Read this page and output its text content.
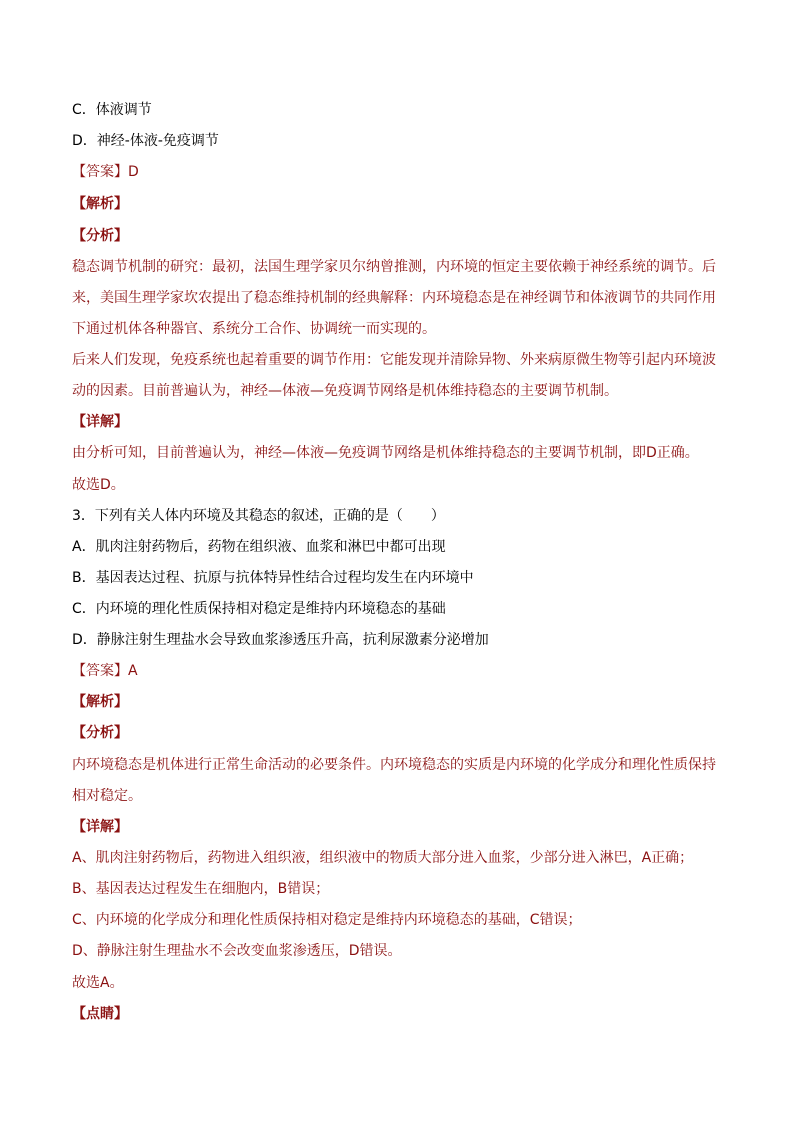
C．体液调节
D．神经-体液-免疫调节
【答案】D
【解析】
【分析】
稳态调节机制的研究：最初，法国生理学家贝尔纳曾推测，内环境的恒定主要依赖于神经系统的调节。后
来，美国生理学家坎农提出了稳态维持机制的经典解释：内环境稳态是在神经调节和体液调节的共同作用
下通过机体各种器官、系统分工合作、协调统一而实现的。
后来人们发现，免疫系统也起着重要的调节作用：它能发现并清除异物、外来病原微生物等引起内环境波
动的因素。目前普遍认为，神经—体液—免疫调节网络是机体维持稳态的主要调节机制。
【详解】
由分析可知，目前普遍认为，神经—体液—免疫调节网络是机体维持稳态的主要调节机制，即D正确。
故选D。
3．下列有关人体内环境及其稳态的叙述，正确的是（　　）
A．肌肉注射药物后，药物在组织液、血浆和淋巴中都可出现
B．基因表达过程、抗原与抗体特异性结合过程均发生在内环境中
C．内环境的理化性质保持相对稳定是维持内环境稳态的基础
D．静脉注射生理盐水会导致血浆渗透压升高，抗利尿激素分泌增加
【答案】A
【解析】
【分析】
内环境稳态是机体进行正常生命活动的必要条件。内环境稳态的实质是内环境的化学成分和理化性质保持
相对稳定。
【详解】
A、肌肉注射药物后，药物进入组织液，组织液中的物质大部分进入血浆，少部分进入淋巴，A正确；
B、基因表达过程发生在细胞内，B错误；
C、内环境的化学成分和理化性质保持相对稳定是维持内环境稳态的基础，C错误；
D、静脉注射生理盐水不会改变血浆渗透压，D错误。
故选A。
【点睛】
